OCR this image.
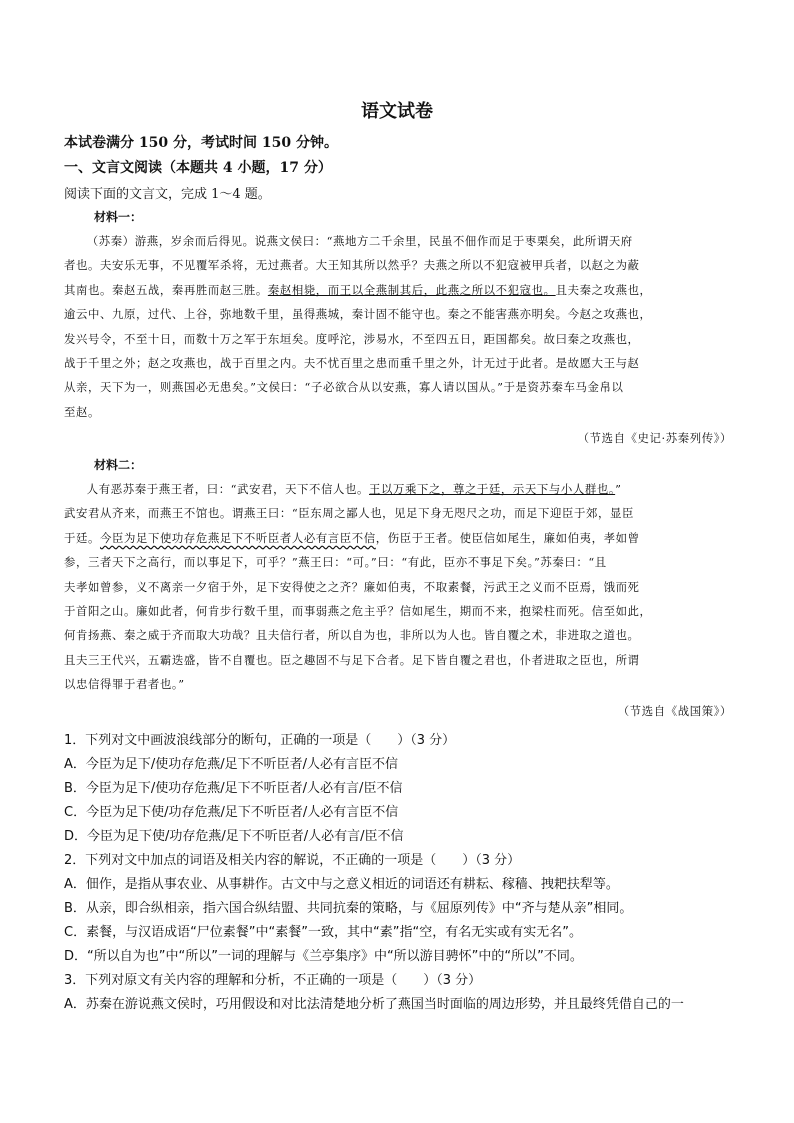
语文试卷
本试卷满分 150 分，考试时间 150 分钟。
一、文言文阅读（本题共 4 小题，17 分）
阅读下面的文言文，完成 1～4 题。
材料一：
（苏秦）游燕，岁余而后得见。说燕文侯曰：“燕地方二千余里，民虽不佃作而足于枣栗矣，此所谓天府
者也。夫安乐无事，不见覆军杀将，无过燕者。大王知其所以然乎？夫燕之所以不犯寇被甲兵者，以赵之为蔽
其南也。秦赵五战，秦再胜而赵三胜。秦赵相毙，而王以全燕制其后，此燕之所以不犯寇也。且夫秦之攻燕也，
逾云中、九原，过代、上谷，弥地数千里，虽得燕城，秦计固不能守也。秦之不能害燕亦明矣。今赵之攻燕也，
发兴号令，不至十日，而数十万之军于东垣矣。度呼沱，涉易水，不至四五日，距国都矣。故曰秦之攻燕也，
战于千里之外；赵之攻燕也，战于百里之内。夫不忧百里之患而重千里之外，计无过于此者。是故愿大王与赵
从亲，天下为一，则燕国必无患矣。”文侯曰：“子必欲合从以安燕，寡人请以国从。”于是资苏秦车马金帛以
至赵。
（节选自《史记·苏秦列传》）
材料二：
人有恶苏秦于燕王者，曰：“武安君，天下不信人也。王以万乘下之，尊之于廷，示天下与小人群也。”
武安君从齐来，而燕王不馆也。谓燕王曰：“臣东周之鄙人也，见足下身无咫尺之功，而足下迎臣于郊，显臣
于廷。今臣为足下使功存危燕足下不听臣者人必有言臣不信，伤臣于王者。使臣信如尾生，廉如伯夷，孝如曾
参，三者天下之高行，而以事足下，可乎？”燕王曰：“可。”曰：“有此，臣亦不事足下矣。”苏秦曰：“且
夫孝如曾参，义不离亲一夕宿于外，足下安得使之之齐？廉如伯夷，不取素餐，污武王之义而不臣焉，饿而死
于首阳之山。廉如此者，何肯步行数千里，而事弱燕之危主乎？信如尾生，期而不来，抱梁柱而死。信至如此，
何肯扬燕、秦之威于齐而取大功哉？且夫信行者，所以自为也，非所以为人也。皆自覆之术，非进取之道也。
且夫三王代兴，五霸迭盛，皆不自覆也。臣之趣固不与足下合者。足下皆自覆之君也，仆者进取之臣也，所谓
以忠信得罪于君者也。”
（节选自《战国策》）
1．下列对文中画波浪线部分的断句，正确的一项是（　　）（3 分）
A．今臣为足下/使功存危燕/足下不听臣者/人必有言臣不信
B．今臣为足下/使功存危燕/足下不听臣者/人必有言/臣不信
C．今臣为足下使/功存危燕/足下不听臣者/人必有言臣不信
D．今臣为足下使/功存危燕/足下不听臣者/人必有言/臣不信
2．下列对文中加点的词语及相关内容的解说，不正确的一项是（　　）（3 分）
A．佃作，是指从事农业、从事耕作。古文中与之意义相近的词语还有耕耘、稼穑、拽耙扶犁等。
B．从亲，即合纵相亲，指六国合纵结盟、共同抗秦的策略，与《屈原列传》中“齐与楚从亲”相同。
C．素餐，与汉语成语“尸位素餐”中“素餐”一致，其中“素”指“空，有名无实或有实无名”。
D．“所以自为也”中“所以”一词的理解与《兰亭集序》中“所以游目骋怀”中的“所以”不同。
3．下列对原文有关内容的理解和分析，不正确的一项是（　　）（3 分）
A．苏秦在游说燕文侯时，巧用假设和对比法清楚地分析了燕国当时面临的周边形势，并且最终凭借自己的一
